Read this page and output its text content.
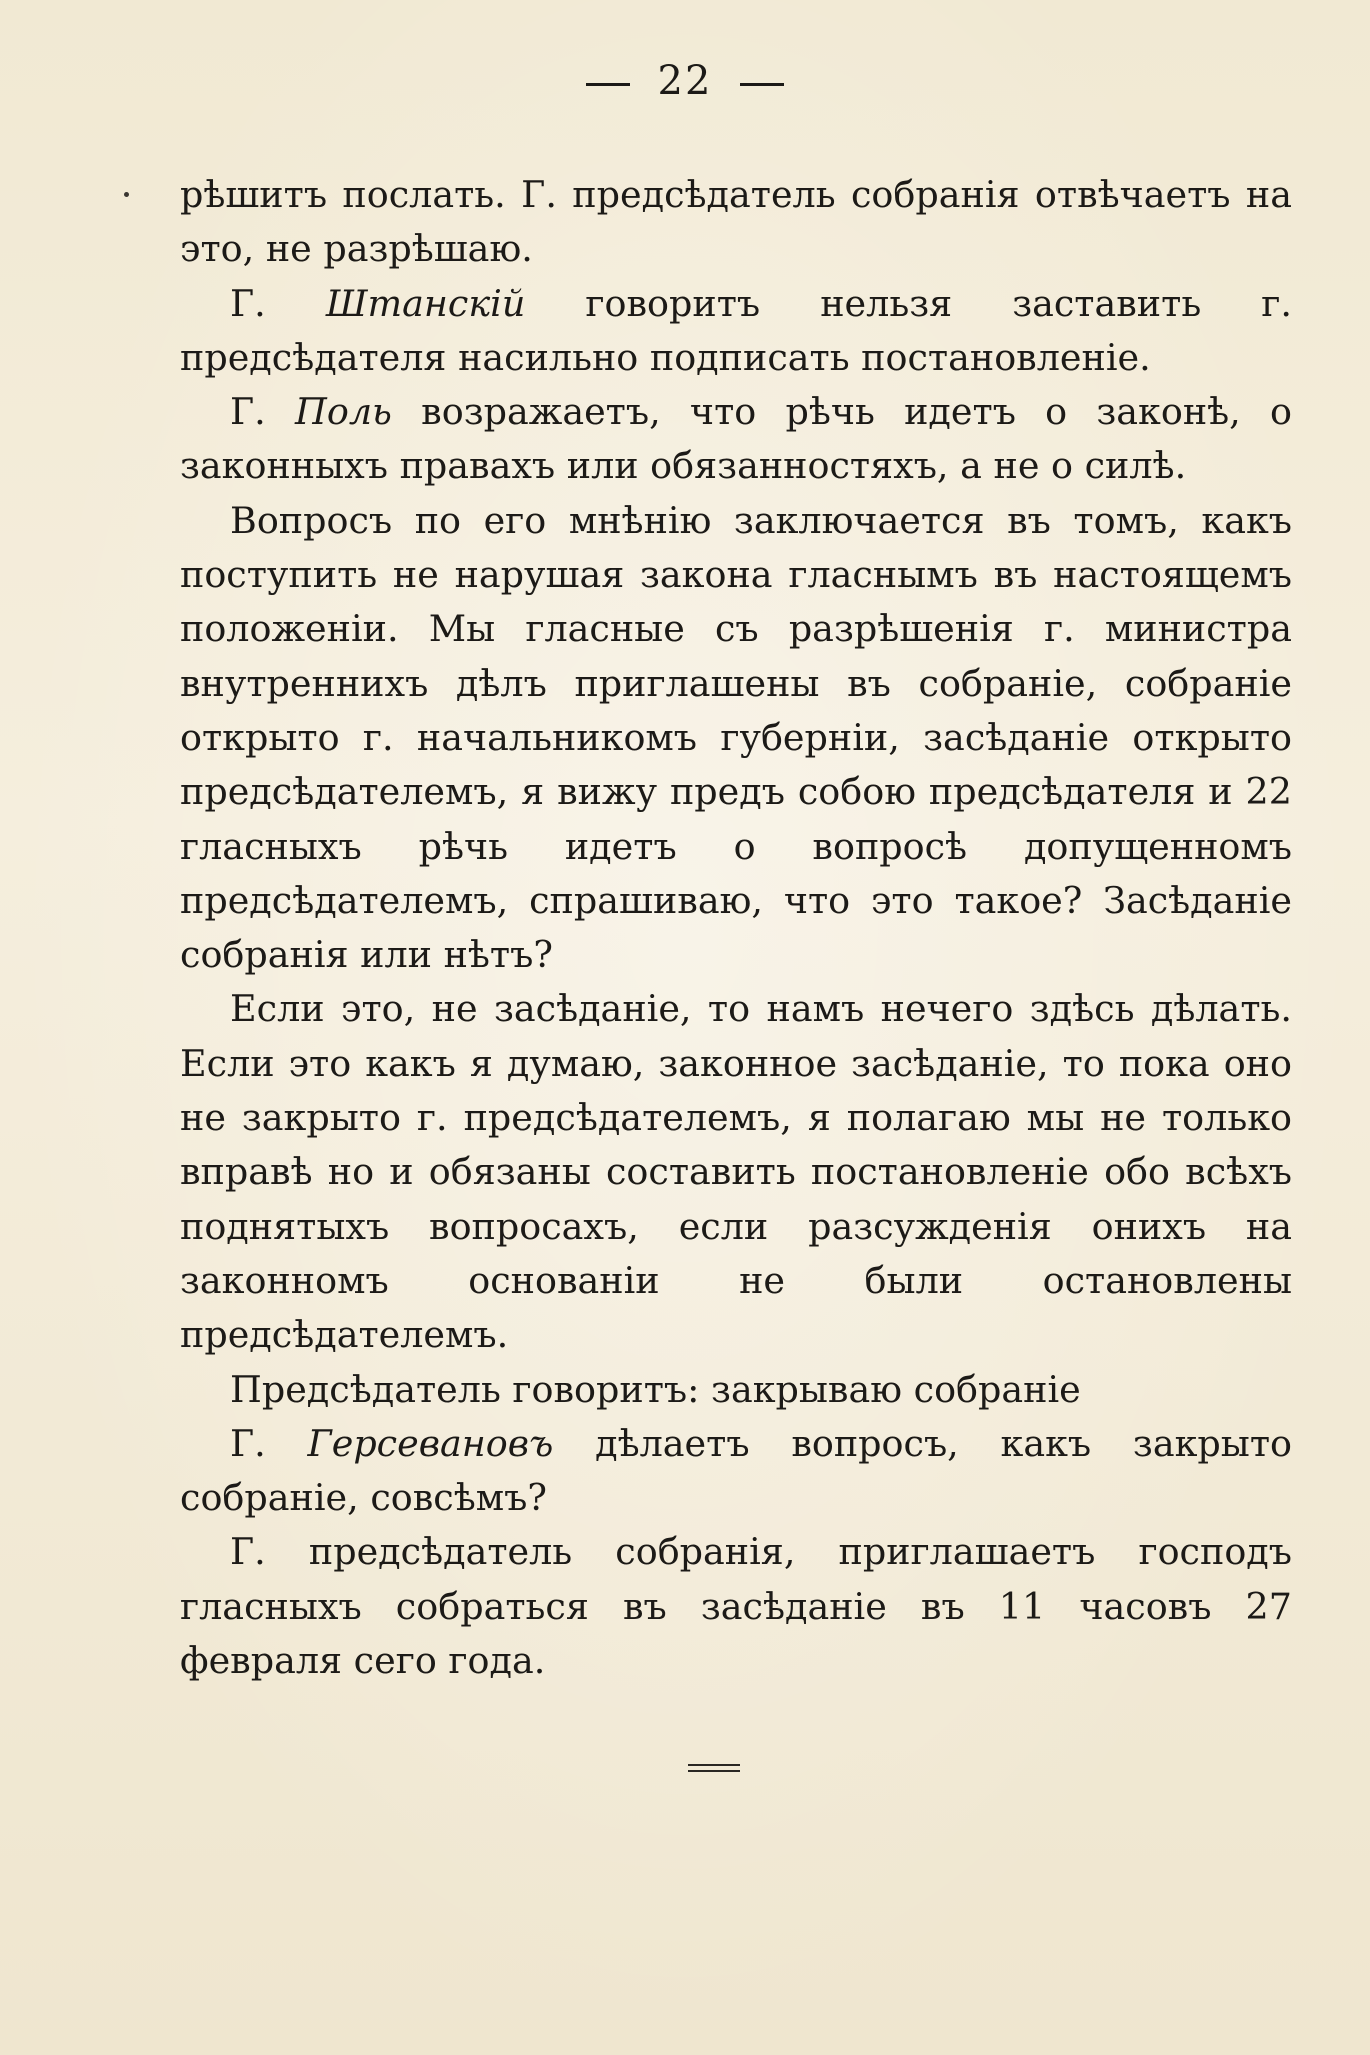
22

рѣшитъ послать. Г. предсѣдатель собранія отвѣчаетъ на это, не разрѣшаю.

Г. Штанскій говоритъ нельзя заставить г. предсѣдателя насильно подписать постановленіе.

Г. Поль возражаетъ, что рѣчь идетъ о законѣ, о законныхъ правахъ или обязанностяхъ, а не о силѣ.

Вопросъ по его мнѣнію заключается въ томъ, какъ поступить не нарушая закона гласнымъ въ настоящемъ положеніи. Мы гласные съ разрѣшенія г. министра внутреннихъ дѣлъ приглашены въ собраніе, собраніе открыто г. начальникомъ губерніи, засѣданіе открыто предсѣдателемъ, я вижу предъ собою предсѣдателя и 22 гласныхъ рѣчь идетъ о вопросѣ допущенномъ предсѣдателемъ, спрашиваю, что это такое? Засѣданіе собранія или нѣтъ?

Если это, не засѣданіе, то намъ нечего здѣсь дѣлать. Если это какъ я думаю, законное засѣданіе, то пока оно не закрыто г. предсѣдателемъ, я полагаю мы не только вправѣ но и обязаны составить постановленіе обо всѣхъ поднятыхъ вопросахъ, если разсужденія онихъ на законномъ основаніи не были остановлены предсѣдателемъ.

Предсѣдатель говоритъ: закрываю собраніе

Г. Герсевановъ дѣлаетъ вопросъ, какъ закрыто собраніе, совсѣмъ?

Г. предсѣдатель собранія, приглашаетъ господъ гласныхъ собраться въ засѣданіе въ 11 часовъ 27 февраля сего года.
